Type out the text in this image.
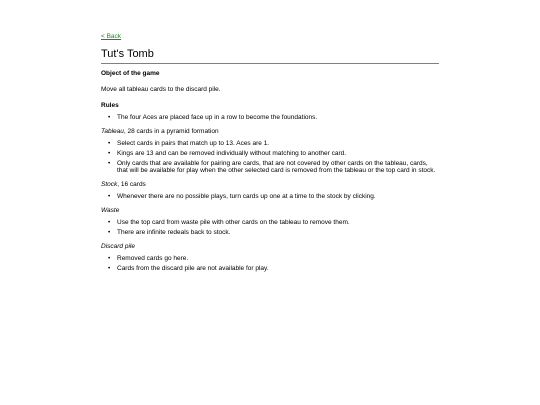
< Back
Tut's Tomb
Object of the game

Move all tableau cards to the discard pile.

Rules
• The four Aces are placed face up in a row to become the foundations.
Tableau, 28 cards in a pyramid formation
• Select cards in pairs that match up to 13. Aces are 1.
• Kings are 13 and can be removed individually without matching to another card.
• Only cards that are available for pairing are cards, that are not covered by other cards on the tableau, cards, that will be available for play when the other selected card is removed from the tableau or the top card in stock.
Stock, 16 cards
• Whenever there are no possible plays, turn cards up one at a time to the stock by clicking.
Waste
• Use the top card from waste pile with other cards on the tableau to remove them.
• There are infinite redeals back to stock.
Discard pile
• Removed cards go here.
• Cards from the discard pile are not available for play.
